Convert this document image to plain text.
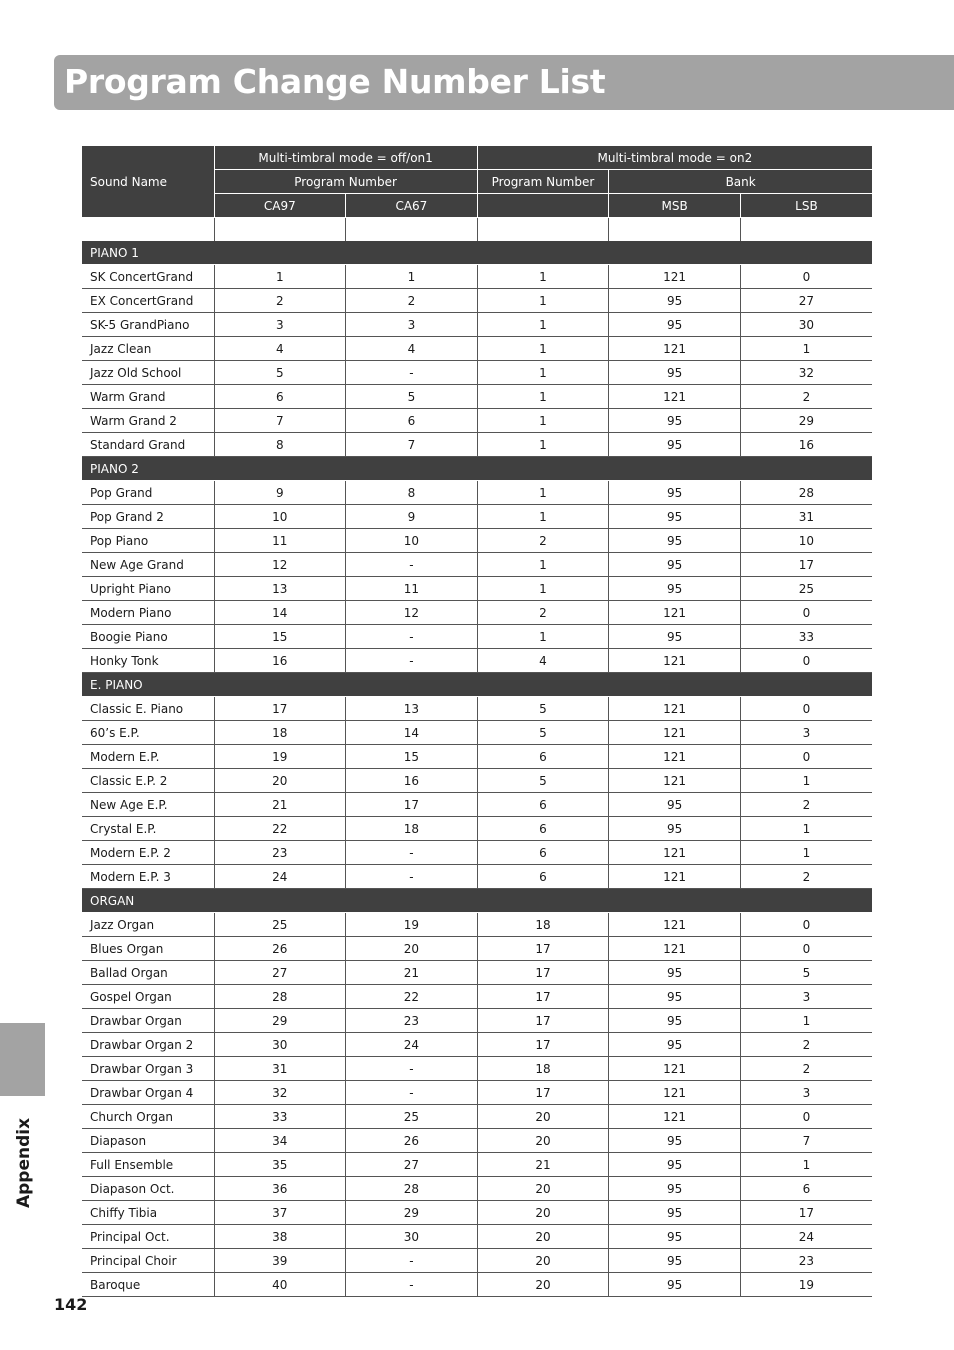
Program Change Number List
Sound Name	Multi-timbral mode = off/on1		Multi-timbral mode = on2		
	Program Number		Program Number	Bank	
	CA97	CA67		MSB	LSB

PIANO 1					
SK ConcertGrand	1	1	1	121	0
EX ConcertGrand	2	2	1	95	27
SK-5 GrandPiano	3	3	1	95	30
Jazz Clean	4	4	1	121	1
Jazz Old School	5	-	1	95	32
Warm Grand	6	5	1	121	2
Warm Grand 2	7	6	1	95	29
Standard Grand	8	7	1	95	16
PIANO 2					
Pop Grand	9	8	1	95	28
Pop Grand 2	10	9	1	95	31
Pop Piano	11	10	2	95	10
New Age Grand	12	-	1	95	17
Upright Piano	13	11	1	95	25
Modern Piano	14	12	2	121	0
Boogie Piano	15	-	1	95	33
Honky Tonk	16	-	4	121	0
E. PIANO					
Classic E. Piano	17	13	5	121	0
60’s E.P.	18	14	5	121	3
Modern E.P.	19	15	6	121	0
Classic E.P. 2	20	16	5	121	1
New Age E.P.	21	17	6	95	2
Crystal E.P.	22	18	6	95	1
Modern E.P. 2	23	-	6	121	1
Modern E.P. 3	24	-	6	121	2
ORGAN					
Jazz Organ	25	19	18	121	0
Blues Organ	26	20	17	121	0
Ballad Organ	27	21	17	95	5
Gospel Organ	28	22	17	95	3
Drawbar Organ	29	23	17	95	1
Drawbar Organ 2	30	24	17	95	2
Drawbar Organ 3	31	-	18	121	2
Drawbar Organ 4	32	-	17	121	3
Church Organ	33	25	20	121	0
Diapason	34	26	20	95	7
Full Ensemble	35	27	21	95	1
Diapason Oct.	36	28	20	95	6
Chiffy Tibia	37	29	20	95	17
Principal Oct.	38	30	20	95	24
Principal Choir	39	-	20	95	23
Baroque	40	-	20	95	19
Appendix
142
